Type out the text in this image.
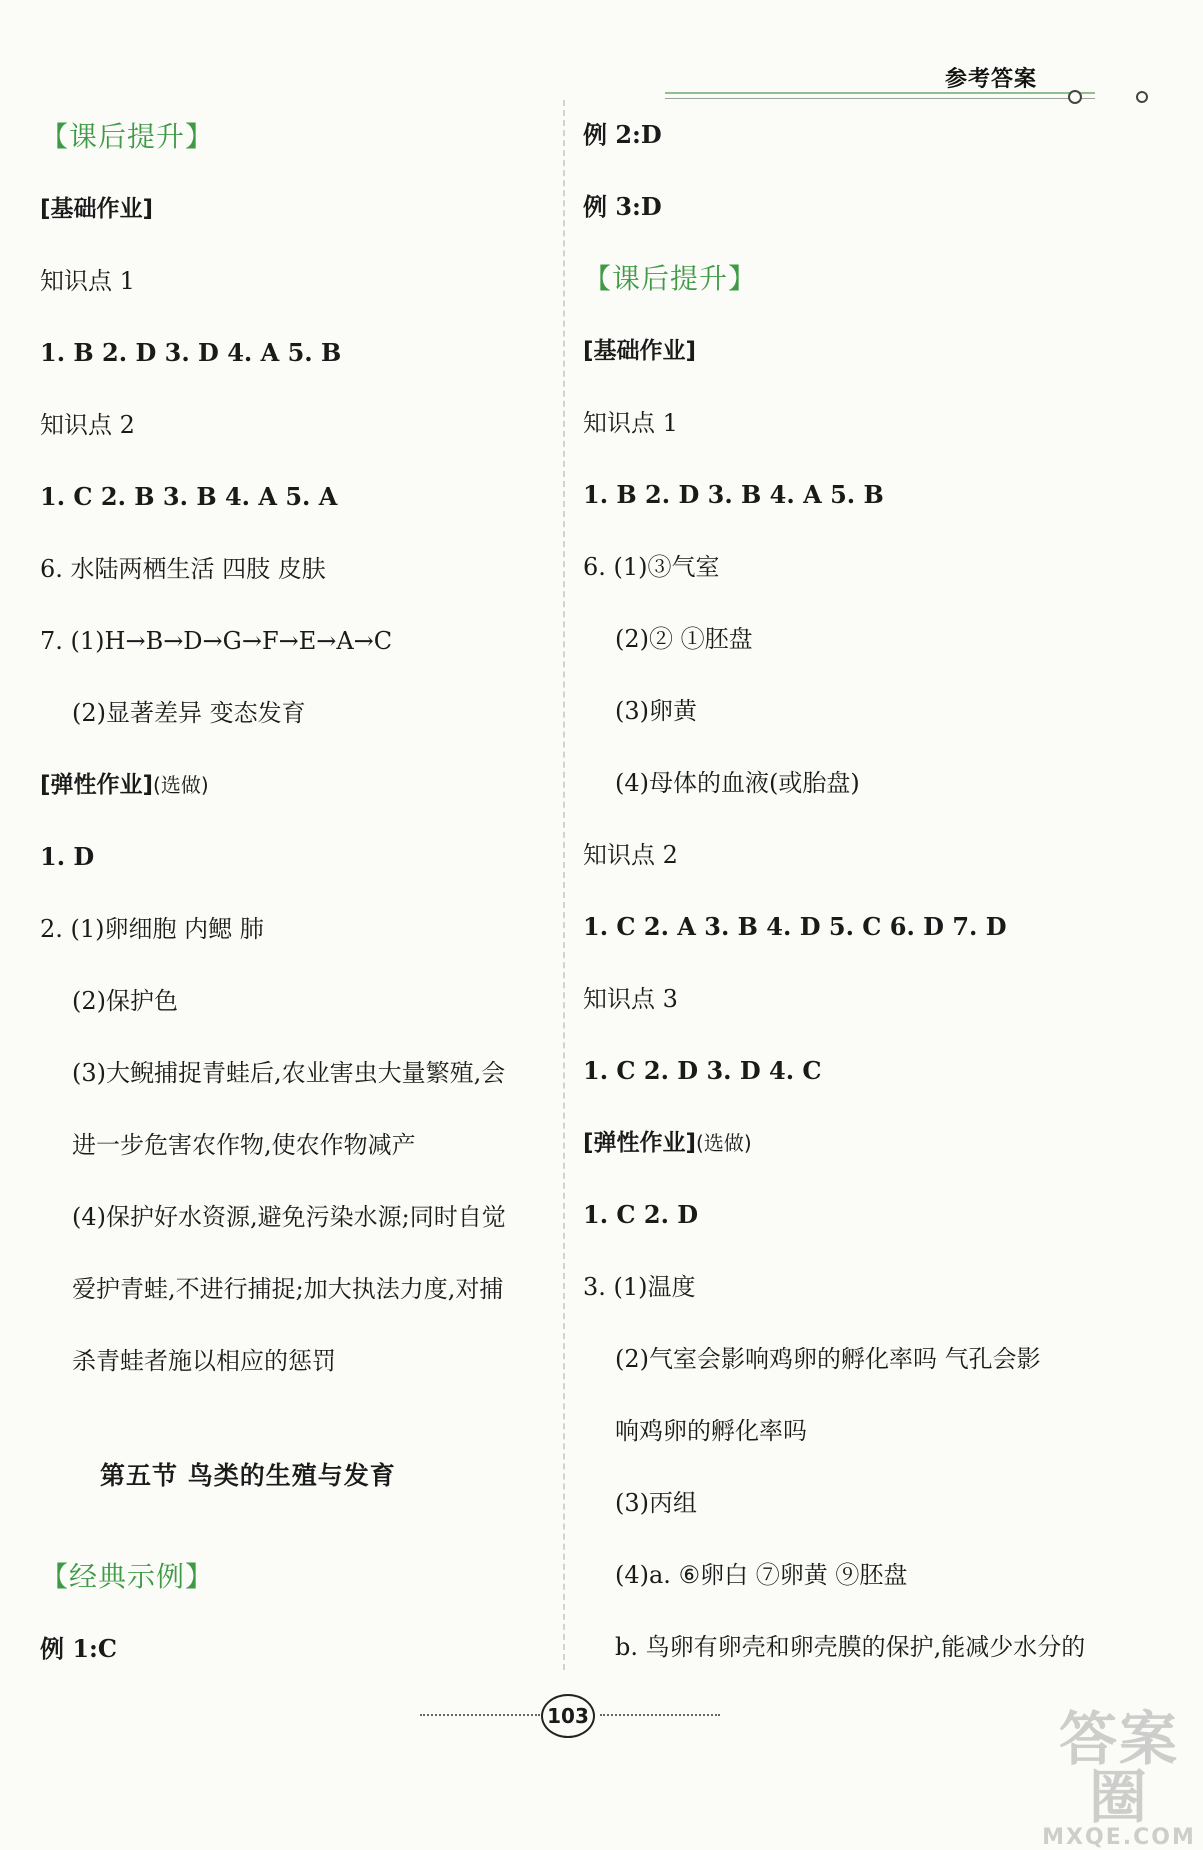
参考答案
【课后提升】
[基础作业]
知识点 1
1. B 2. D 3. D 4. A 5. B
知识点 2
1. C 2. B 3. B 4. A 5. A
6. 水陆两栖生活 四肢 皮肤
7. (1)H→B→D→G→F→E→A→C
(2)显著差异 变态发育
[弹性作业](选做)
1. D
2. (1)卵细胞 内鳃 肺
(2)保护色
(3)大鲵捕捉青蛙后,农业害虫大量繁殖,会
进一步危害农作物,使农作物减产
(4)保护好水资源,避免污染水源;同时自觉
爱护青蛙,不进行捕捉;加大执法力度,对捕
杀青蛙者施以相应的惩罚
【经典示例】
例 1:C
例 2:D
例 3:D
【课后提升】
[基础作业]
知识点 1
1. B 2. D 3. B 4. A 5. B
6. (1)③气室
(2)② ①胚盘
(3)卵黄
(4)母体的血液(或胎盘)
知识点 2
1. C 2. A 3. B 4. D 5. C 6. D 7. D
知识点 3
1. C 2. D 3. D 4. C
[弹性作业](选做)
1. C 2. D
3. (1)温度
(2)气室会影响鸡卵的孵化率吗 气孔会影
响鸡卵的孵化率吗
(3)丙组
(4)a. ⑥卵白 ⑦卵黄 ⑨胚盘
b. 鸟卵有卵壳和卵壳膜的保护,能减少水分的
第五节 鸟类的生殖与发育
103	答案圈
MXQE.COM
